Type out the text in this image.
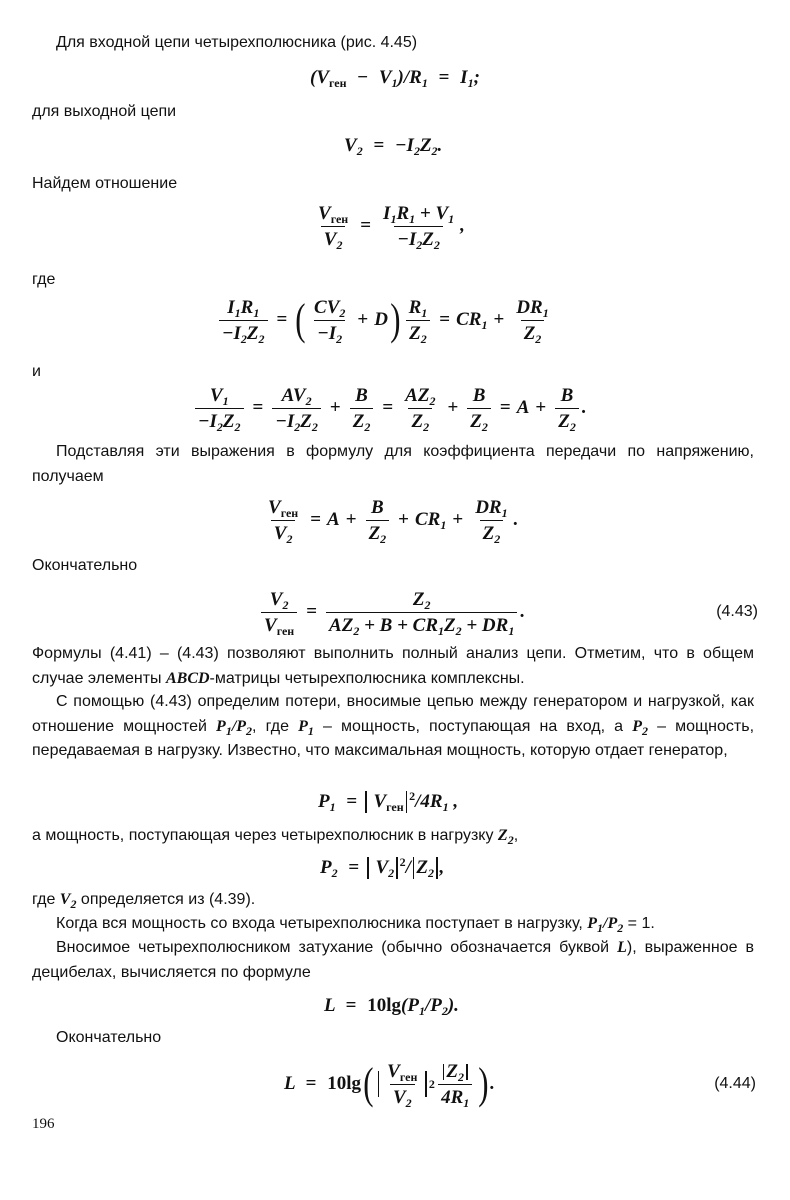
Для входной цепи четырехполюсника (рис. 4.45)
$(V_{ген} - V_1)/R_1 = I_1$;
для выходной цепи
$V_2 = -I_2Z_2$.
Найдем отношение
$\frac{V_{ген}}{V_2} = \frac{I_1R_1 + V_1}{-I_2Z_2}$ ,
где
$\frac{I_1R_1}{-I_2Z_2}$ = ( $\frac{CV_2}{-I_2} + D$ ) $\frac{R_1}{Z_2} = CR_1 + \frac{DR_1}{Z_2}$
и
$\frac{V_1}{-I_2Z_2} = \frac{AV_2}{-I_2Z_2} + \frac{B}{Z_2} = \frac{AZ_2}{Z_2} + \frac{B}{Z_2} = A + \frac{B}{Z_2}$ .
Подставляя эти выражения в формулу для коэффициента передачи по напряжению, получаем
$\frac{V_{ген}}{V_2} = A + \frac{B}{Z_2} + CR_1 + \frac{DR_1}{Z_2}$ .
Окончательно
$\frac{V_2}{V_{ген}} = \frac{Z_2}{AZ_2 + B + CR_1Z_2 + DR_1}$ .	(4.43)
Формулы (4.41) – (4.43) позволяют выполнить полный анализ цепи. Отметим, что в общем случае элементы ABCD-матрицы четырехполюсника комплексны.
С помощью (4.43) определим потери, вносимые цепью между генератором и нагрузкой, как отношение мощностей $P_1/P_2$, где $P_1$ – мощность, поступающая на вход, а $P_2$ – мощность, передаваемая в нагрузку. Известно, что максимальная мощность, которую отдает генератор,
$P_1 = V_{ген}^2/4R_1$ ,
а мощность, поступающая через четырехполюсник в нагрузку $Z_2$,
$P_2 = V_2^2/$ $Z_2$ ,
где $V_2$ определяется из (4.39).
Когда вся мощность со входа четырехполюсника поступает в нагрузку, $P_1/P_2 = 1$.
Вносимое четырехполюсником затухание (обычно обозначается буквой L), выраженное в децибелах, вычисляется по формуле
$L = 10\lg(P_1/P_2)$.
Окончательно
L = 10lg ( $\frac{V_{ген}}{V_2} 2 \frac{Z_2}{4R_1}$ ) .	(4.44)
196
